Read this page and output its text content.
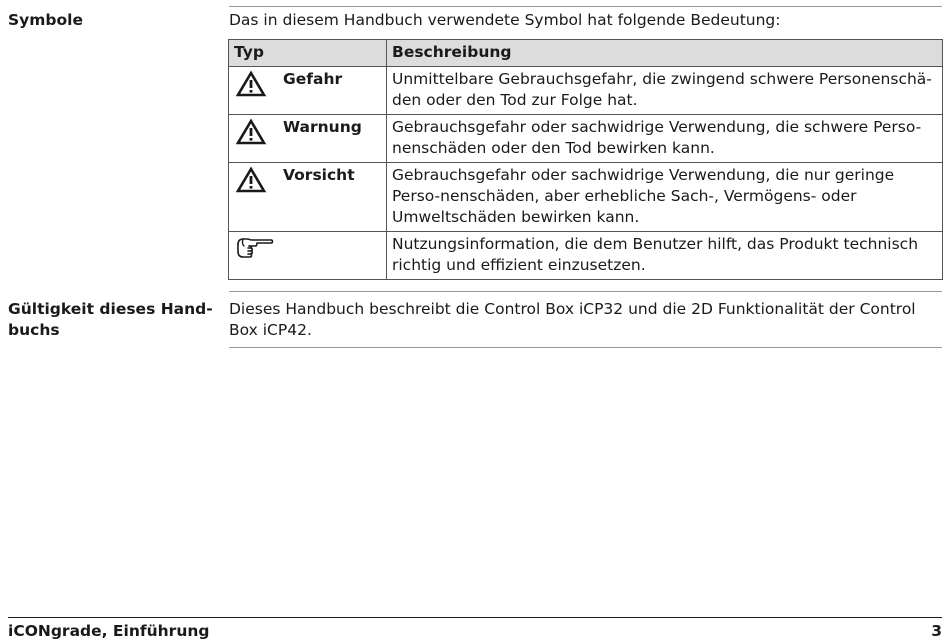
Symbole	Das in diesem Handbuch verwendete Symbol hat folgende Bedeutung:
Typ	Beschreibung

Gefahr	Unmittelbare Gebrauchsgefahr, die zwingend schwere Personenschä-den oder den Tod zur Folge hat.

Warnung	Gebrauchsgefahr oder sachwidrige Verwendung, die schwere Perso-nenschäden oder den Tod bewirken kann.

Vorsicht	Gebrauchsgefahr oder sachwidrige Verwendung, die nur geringe Perso-nenschäden, aber erhebliche Sach-, Vermögens- oder Umweltschäden bewirken kann.

	Nutzungsinformation, die dem Benutzer hilft, das Produkt technisch richtig und effizient einzusetzen.
Gültigkeit dieses Hand-buchs
Dieses Handbuch beschreibt die Control Box iCP32 und die 2D Funktionalität der Control Box iCP42.
iCONgrade, Einführung	3
